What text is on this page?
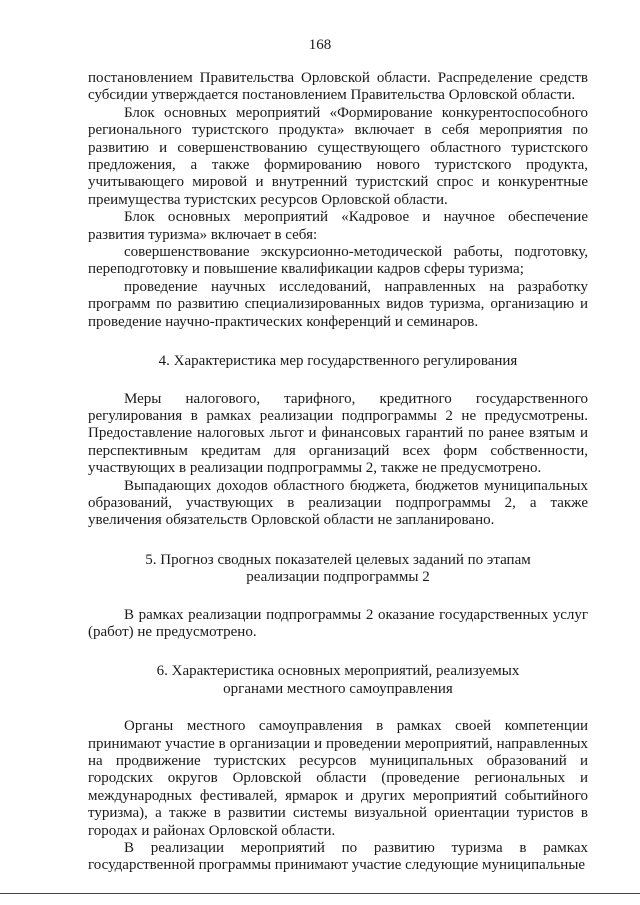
168

постановлением Правительства Орловской области. Распределение средств субсидии утверждается постановлением Правительства Орловской области.

Блок основных мероприятий «Формирование конкурентоспособного регионального туристского продукта» включает в себя мероприятия по развитию и совершенствованию существующего областного туристского предложения, а также формированию нового туристского продукта, учитывающего мировой и внутренний туристский спрос и конкурентные преимущества туристских ресурсов Орловской области.

Блок основных мероприятий «Кадровое и научное обеспечение развития туризма» включает в себя:

совершенствование экскурсионно-методической работы, подготовку, переподготовку и повышение квалификации кадров сферы туризма;

проведение научных исследований, направленных на разработку программ по развитию специализированных видов туризма, организацию и проведение научно-практических конференций и семинаров.

4. Характеристика мер государственного регулирования

Меры налогового, тарифного, кредитного государственного регулирования в рамках реализации подпрограммы 2 не предусмотрены. Предоставление налоговых льгот и финансовых гарантий по ранее взятым и перспективным кредитам для организаций всех форм собственности, участвующих в реализации подпрограммы 2, также не предусмотрено.

Выпадающих доходов областного бюджета, бюджетов муниципальных образований, участвующих в реализации подпрограммы 2, а также увеличения обязательств Орловской области не запланировано.

5. Прогноз сводных показателей целевых заданий по этапам
реализации подпрограммы 2

В рамках реализации подпрограммы 2 оказание государственных услуг (работ) не предусмотрено.

6. Характеристика основных мероприятий, реализуемых
органами местного самоуправления

Органы местного самоуправления в рамках своей компетенции принимают участие в организации и проведении мероприятий, направленных на продвижение туристских ресурсов муниципальных образований и городских округов Орловской области (проведение региональных и международных фестивалей, ярмарок и других мероприятий событийного туризма), а также в развитии системы визуальной ориентации туристов в городах и районах Орловской области.

В реализации мероприятий по развитию туризма в рамках государственной программы принимают участие следующие муниципальные
